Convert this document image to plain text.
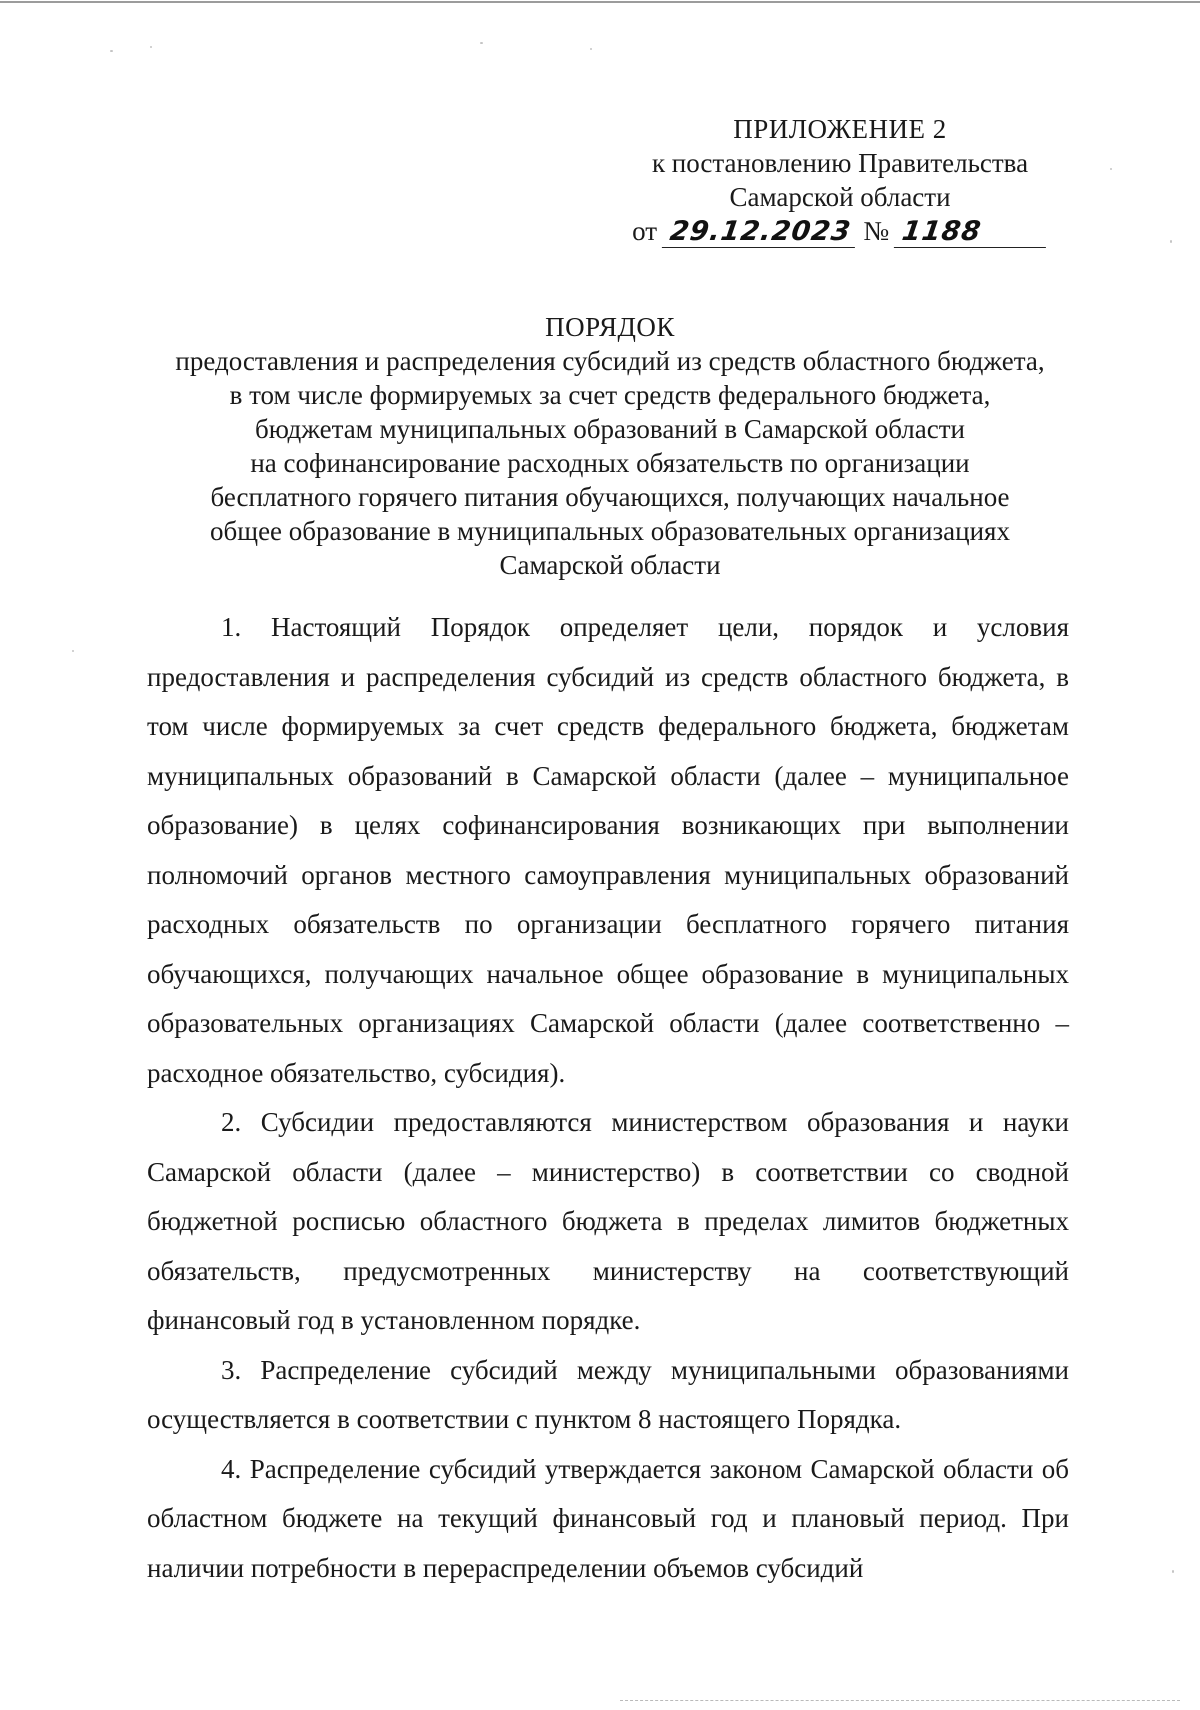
ПРИЛОЖЕНИЕ 2
к постановлению Правительства
Самарской области
от 29.12.2023 № 1188
ПОРЯДОК
предоставления и распределения субсидий из средств областного бюджета,
в том числе формируемых за счет средств федерального бюджета,
бюджетам муниципальных образований в Самарской области
на софинансирование расходных обязательств по организации
бесплатного горячего питания обучающихся, получающих начальное
общее образование в муниципальных образовательных организациях
Самарской области

1. Настоящий Порядок определяет цели, порядок и условия предоставления и распределения субсидий из средств областного бюджета, в том числе формируемых за счет средств федерального бюджета, бюджетам муниципальных образований в Самарской области (далее – муниципальное образование) в целях софинансирования возникающих при выполнении полномочий органов местного самоуправления муниципальных образований расходных обязательств по организации бесплатного горячего питания обучающихся, получающих начальное общее образование в муниципальных образовательных организациях Самарской области (далее соответственно – расходное обязательство, субсидия).

2. Субсидии предоставляются министерством образования и науки Самарской области (далее – министерство) в соответствии со сводной бюджетной росписью областного бюджета в пределах лимитов бюджетных обязательств, предусмотренных министерству на соответствующий финансовый год в установленном порядке.

3. Распределение субсидий между муниципальными образованиями осуществляется в соответствии с пунктом 8 настоящего Порядка.

4. Распределение субсидий утверждается законом Самарской области об областном бюджете на текущий финансовый год и плановый период. При наличии потребности в перераспределении объемов субсидий
